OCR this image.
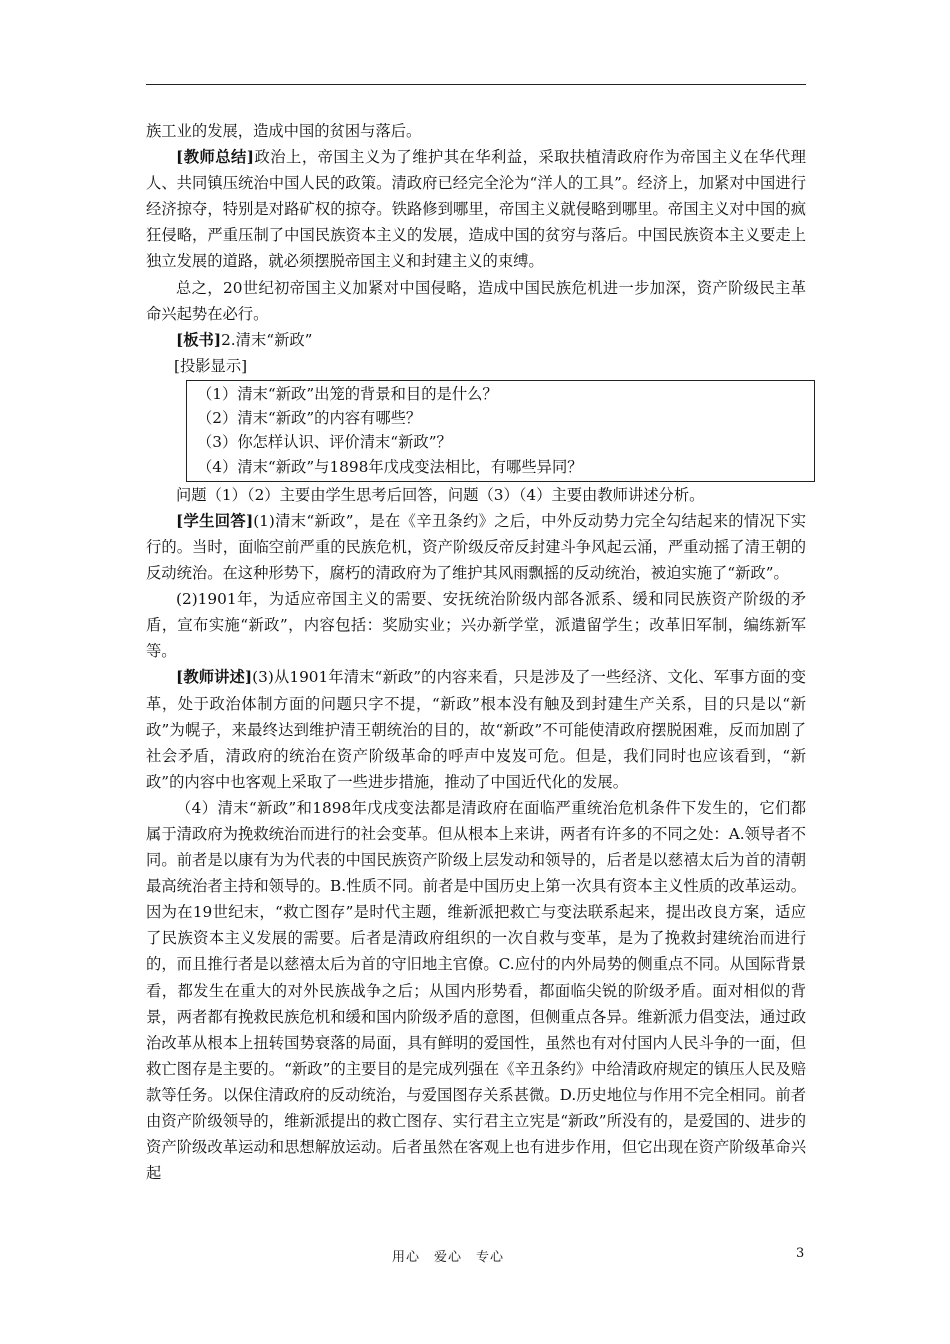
族工业的发展，造成中国的贫困与落后。

[教师总结]政治上，帝国主义为了维护其在华利益，采取扶植清政府作为帝国主义在华代理人、共同镇压统治中国人民的政策。清政府已经完全沦为“洋人的工具”。经济上，加紧对中国进行经济掠夺，特别是对路矿权的掠夺。铁路修到哪里，帝国主义就侵略到哪里。帝国主义对中国的疯狂侵略，严重压制了中国民族资本主义的发展，造成中国的贫穷与落后。中国民族资本主义要走上独立发展的道路，就必须摆脱帝国主义和封建主义的束缚。

总之，20世纪初帝国主义加紧对中国侵略，造成中国民族危机进一步加深，资产阶级民主革命兴起势在必行。

[板书]2.清末“新政”
[投影显示]
（1）清末“新政”出笼的背景和目的是什么？
（2）清末“新政”的内容有哪些？
（3）你怎样认识、评价清末“新政”？
（4）清末“新政”与1898年戊戌变法相比，有哪些异同？

问题（1）（2）主要由学生思考后回答，问题（3）（4）主要由教师讲述分析。

[学生回答](1)清末“新政”，是在《辛丑条约》之后，中外反动势力完全勾结起来的情况下实行的。当时，面临空前严重的民族危机，资产阶级反帝反封建斗争风起云涌，严重动摇了清王朝的反动统治。在这种形势下，腐朽的清政府为了维护其风雨飘摇的反动统治，被迫实施了“新政”。

(2)1901年，为适应帝国主义的需要、安抚统治阶级内部各派系、缓和同民族资产阶级的矛盾，宣布实施“新政”，内容包括：奖励实业；兴办新学堂，派遣留学生；改革旧军制，编练新军等。

[教师讲述](3)从1901年清末“新政”的内容来看，只是涉及了一些经济、文化、军事方面的变革，处于政治体制方面的问题只字不提，“新政”根本没有触及到封建生产关系，目的只是以“新政”为幌子，来最终达到维护清王朝统治的目的，故“新政”不可能使清政府摆脱困难，反而加剧了社会矛盾，清政府的统治在资产阶级革命的呼声中岌岌可危。但是，我们同时也应该看到，“新政”的内容中也客观上采取了一些进步措施，推动了中国近代化的发展。

（4）清末“新政”和1898年戊戌变法都是清政府在面临严重统治危机条件下发生的，它们都属于清政府为挽救统治而进行的社会变革。但从根本上来讲，两者有许多的不同之处：A.领导者不同。前者是以康有为为代表的中国民族资产阶级上层发动和领导的，后者是以慈禧太后为首的清朝最高统治者主持和领导的。B.性质不同。前者是中国历史上第一次具有资本主义性质的改革运动。因为在19世纪末，“救亡图存”是时代主题，维新派把救亡与变法联系起来，提出改良方案，适应了民族资本主义发展的需要。后者是清政府组织的一次自救与变革，是为了挽救封建统治而进行的，而且推行者是以慈禧太后为首的守旧地主官僚。C.应付的内外局势的侧重点不同。从国际背景看，都发生在重大的对外民族战争之后；从国内形势看，都面临尖锐的阶级矛盾。面对相似的背景，两者都有挽救民族危机和缓和国内阶级矛盾的意图，但侧重点各异。维新派力倡变法，通过政治改革从根本上扭转国势衰落的局面，具有鲜明的爱国性，虽然也有对付国内人民斗争的一面，但救亡图存是主要的。“新政”的主要目的是完成列强在《辛丑条约》中给清政府规定的镇压人民及赔款等任务。以保住清政府的反动统治，与爱国图存关系甚微。D.历史地位与作用不完全相同。前者由资产阶级领导的，维新派提出的救亡图存、实行君主立宪是“新政”所没有的，是爱国的、进步的资产阶级改革运动和思想解放运动。后者虽然在客观上也有进步作用，但它出现在资产阶级革命兴起

用心　爱心　专心	3
